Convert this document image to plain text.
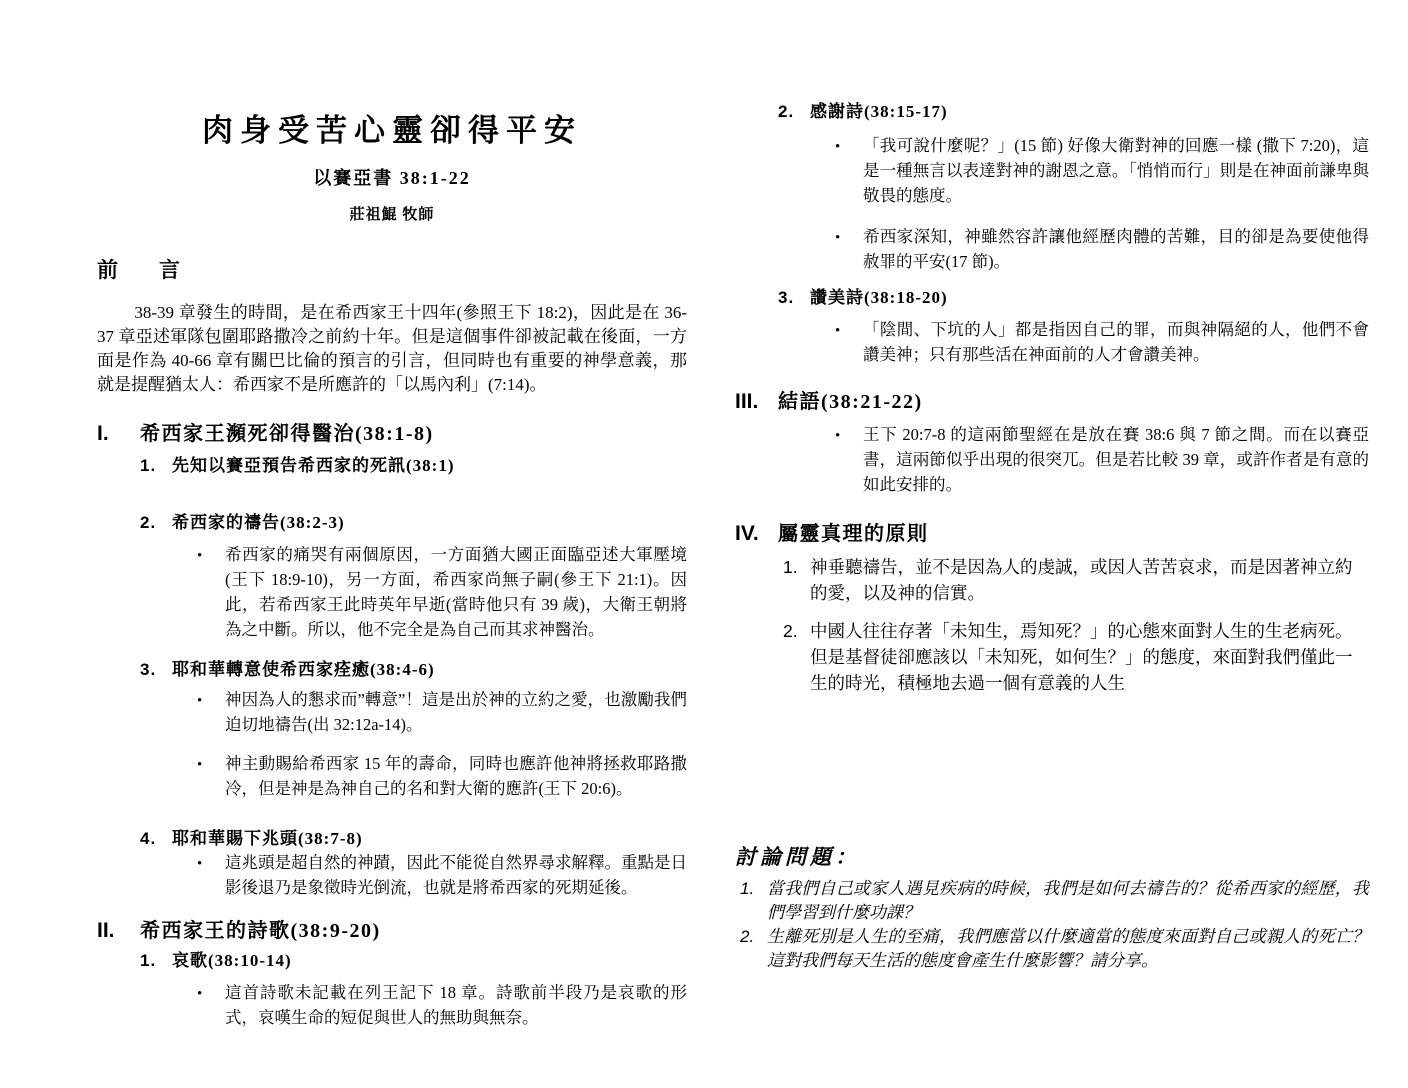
肉身受苦心靈卻得平安
以賽亞書 38:1-22
莊祖鯤 牧師
前　言
38-39 章發生的時間，是在希西家王十四年(參照王下 18:2)，因此是在 36-37 章亞述軍隊包圍耶路撒冷之前約十年。但是這個事件卻被記載在後面，一方面是作為 40-66 章有關巴比倫的預言的引言，但同時也有重要的神學意義，那就是提醒猶太人：希西家不是所應許的「以馬內利」(7:14)。
I.	希西家王瀕死卻得醫治(38:1-8)
1. 先知以賽亞預告希西家的死訊(38:1)
2. 希西家的禱告(38:2-3)
•
希西家的痛哭有兩個原因，一方面猶大國正面臨亞述大軍壓境(王下 18:9-10)，另一方面，希西家尚無子嗣(參王下 21:1)。因此，若希西家王此時英年早逝(當時他只有 39 歲)，大衛王朝將為之中斷。所以，他不完全是為自己而其求神醫治。
3. 耶和華轉意使希西家痊癒(38:4-6)
•
神因為人的懇求而”轉意”！這是出於神的立約之愛，也激勵我們迫切地禱告(出 32:12a-14)。
•
神主動賜給希西家 15 年的壽命，同時也應許他神將拯救耶路撒冷，但是神是為神自己的名和對大衛的應許(王下 20:6)。
4. 耶和華賜下兆頭(38:7-8)
•
這兆頭是超自然的神蹟，因此不能從自然界尋求解釋。重點是日影後退乃是象徵時光倒流，也就是將希西家的死期延後。
II.	希西家王的詩歌(38:9-20)
1. 哀歌(38:10-14)
•
這首詩歌未記載在列王記下 18 章。詩歌前半段乃是哀歌的形式，哀嘆生命的短促與世人的無助與無奈。
2. 感謝詩(38:15-17)
•
「我可說什麼呢？」(15 節) 好像大衛對神的回應一樣 (撒下 7:20)，這是一種無言以表達對神的謝恩之意。「悄悄而行」則是在神面前謙卑與敬畏的態度。
•
希西家深知，神雖然容許讓他經歷肉體的苦難，目的卻是為要使他得赦罪的平安(17 節)。
3. 讚美詩(38:18-20)
•
「陰間、下坑的人」都是指因自己的罪，而與神隔絕的人，他們不會讚美神；只有那些活在神面前的人才會讚美神。
III. 結語(38:21-22)
•
王下 20:7-8 的這兩節聖經在是放在賽 38:6 與 7 節之間。而在以賽亞書，這兩節似乎出現的很突兀。但是若比較 39 章，或許作者是有意的如此安排的。
IV. 屬靈真理的原則
1. 神垂聽禱告，並不是因為人的虔誠，或因人苦苦哀求，而是因著神立約的愛，以及神的信實。
2. 中國人往往存著「未知生，焉知死？」的心態來面對人生的生老病死。但是基督徒卻應該以「未知死，如何生？」的態度，來面對我們僅此一生的時光，積極地去過一個有意義的人生
討論問題：
1. 當我們自己或家人遇見疾病的時候，我們是如何去禱告的？從希西家的經歷，我們學習到什麼功課？
2. 生離死別是人生的至痛，我們應當以什麼適當的態度來面對自己或親人的死亡？這對我們每天生活的態度會產生什麼影響？請分享。
